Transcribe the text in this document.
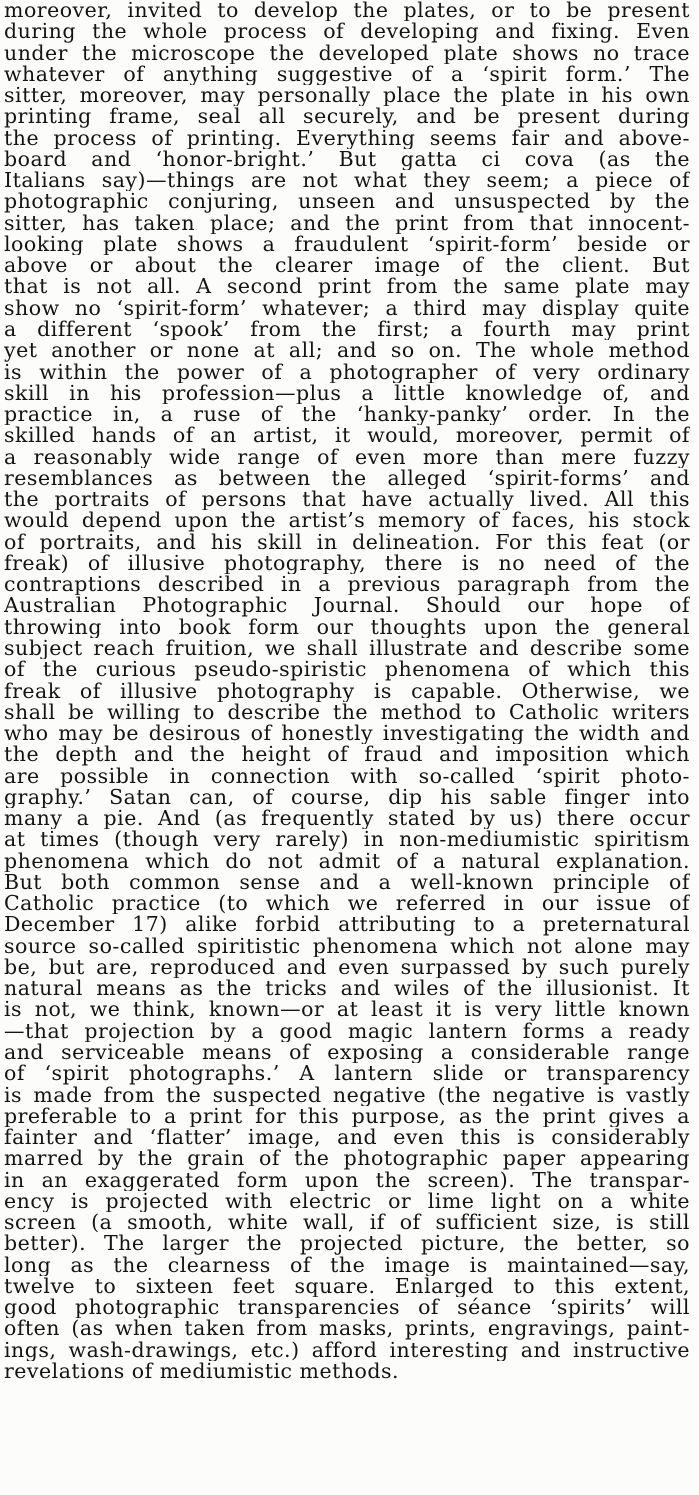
moreover, invited to develop the plates, or to be present
during the whole process of developing and fixing. Even
under the microscope the developed plate shows no trace
whatever of anything suggestive of a ‘spirit form.’ The
sitter, moreover, may personally place the plate in his own
printing frame, seal all securely, and be present during
the process of printing. Everything seems fair and above-
board and ‘honor-bright.’ But gatta ci cova (as the
Italians say)—things are not what they seem; a piece of
photographic conjuring, unseen and unsuspected by the
sitter, has taken place; and the print from that innocent-
looking plate shows a fraudulent ‘spirit-form’ beside or
above or about the clearer image of the client. But
that is not all. A second print from the same plate may
show no ‘spirit-form’ whatever; a third may display quite
a different ‘spook’ from the first; a fourth may print
yet another or none at all; and so on. The whole method
is within the power of a photographer of very ordinary
skill in his profession—plus a little knowledge of, and
practice in, a ruse of the ‘hanky-panky’ order. In the
skilled hands of an artist, it would, moreover, permit of
a reasonably wide range of even more than mere fuzzy
resemblances as between the alleged ‘spirit-forms’ and
the portraits of persons that have actually lived. All this
would depend upon the artist’s memory of faces, his stock
of portraits, and his skill in delineation. For this feat (or
freak) of illusive photography, there is no need of the
contraptions described in a previous paragraph from the
Australian Photographic Journal. Should our hope of
throwing into book form our thoughts upon the general
subject reach fruition, we shall illustrate and describe some
of the curious pseudo-spiristic phenomena of which this
freak of illusive photography is capable. Otherwise, we
shall be willing to describe the method to Catholic writers
who may be desirous of honestly investigating the width and
the depth and the height of fraud and imposition which
are possible in connection with so-called ‘spirit photo-
graphy.’ Satan can, of course, dip his sable finger into
many a pie. And (as frequently stated by us) there occur
at times (though very rarely) in non-mediumistic spiritism
phenomena which do not admit of a natural explanation.
But both common sense and a well-known principle of
Catholic practice (to which we referred in our issue of
December 17) alike forbid attributing to a preternatural
source so-called spiritistic phenomena which not alone may
be, but are, reproduced and even surpassed by such purely
natural means as the tricks and wiles of the illusionist. It
is not, we think, known—or at least it is very little known
—that projection by a good magic lantern forms a ready
and serviceable means of exposing a considerable range
of ‘spirit photographs.’ A lantern slide or transparency
is made from the suspected negative (the negative is vastly
preferable to a print for this purpose, as the print gives a
fainter and ‘flatter’ image, and even this is considerably
marred by the grain of the photographic paper appearing
in an exaggerated form upon the screen). The transpar-
ency is projected with electric or lime light on a white
screen (a smooth, white wall, if of sufficient size, is still
better). The larger the projected picture, the better, so
long as the clearness of the image is maintained—say,
twelve to sixteen feet square. Enlarged to this extent,
good photographic transparencies of séance ‘spirits’ will
often (as when taken from masks, prints, engravings, paint-
ings, wash-drawings, etc.) afford interesting and instructive
revelations of mediumistic methods.
